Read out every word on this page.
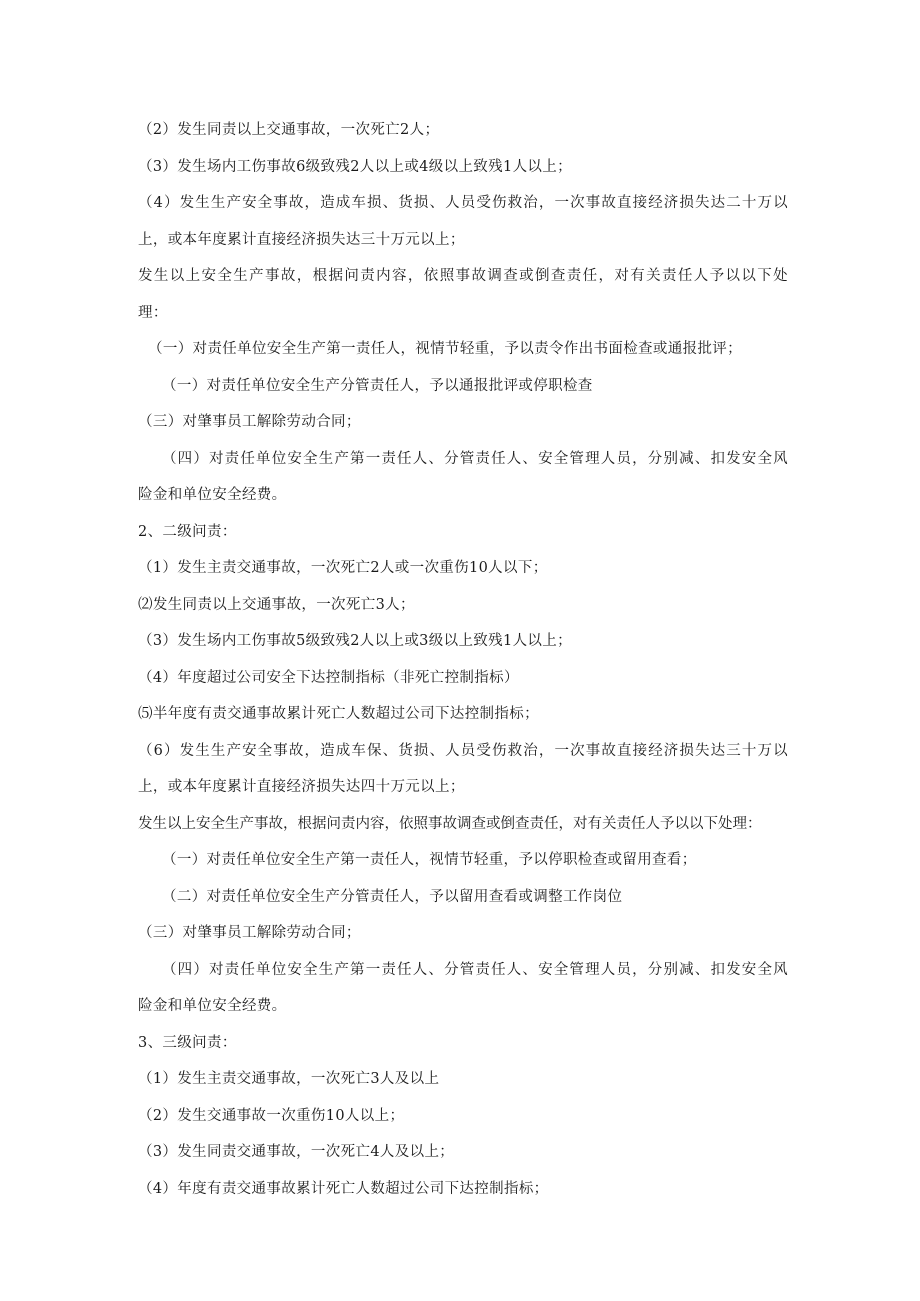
（2）发生同责以上交通事故，一次死亡2人；
（3）发生场内工伤事故6级致残2人以上或4级以上致残1人以上；
（4）发生生产安全事故，造成车损、货损、人员受伤救治，一次事故直接经济损失达二十万以
上，或本年度累计直接经济损失达三十万元以上；
发生以上安全生产事故，根据问责内容，依照事故调查或倒查责任，对有关责任人予以以下处
理：
（一）对责任单位安全生产第一责任人，视情节轻重，予以责令作出书面检查或通报批评；
（一）对责任单位安全生产分管责任人，予以通报批评或停职检查
（三）对肇事员工解除劳动合同；
（四）对责任单位安全生产第一责任人、分管责任人、安全管理人员，分别减、扣发安全风
险金和单位安全经费。
2、二级问责：
（1）发生主责交通事故，一次死亡2人或一次重伤10人以下；
⑵发生同责以上交通事故，一次死亡3人；
（3）发生场内工伤事故5级致残2人以上或3级以上致残1人以上；
（4）年度超过公司安全下达控制指标（非死亡控制指标）
⑸半年度有责交通事故累计死亡人数超过公司下达控制指标；
（6）发生生产安全事故，造成车保、货损、人员受伤救治，一次事故直接经济损失达三十万以
上，或本年度累计直接经济损失达四十万元以上；
发生以上安全生产事故，根据问责内容，依照事故调查或倒查责任，对有关责任人予以以下处理：
（一）对责任单位安全生产第一责任人，视情节轻重，予以停职检查或留用查看；
（二）对责任单位安全生产分管责任人，予以留用查看或调整工作岗位
（三）对肇事员工解除劳动合同；
（四）对责任单位安全生产第一责任人、分管责任人、安全管理人员，分别减、扣发安全风
险金和单位安全经费。
3、三级问责：
（1）发生主责交通事故，一次死亡3人及以上
（2）发生交通事故一次重伤10人以上；
（3）发生同责交通事故，一次死亡4人及以上；
（4）年度有责交通事故累计死亡人数超过公司下达控制指标；
